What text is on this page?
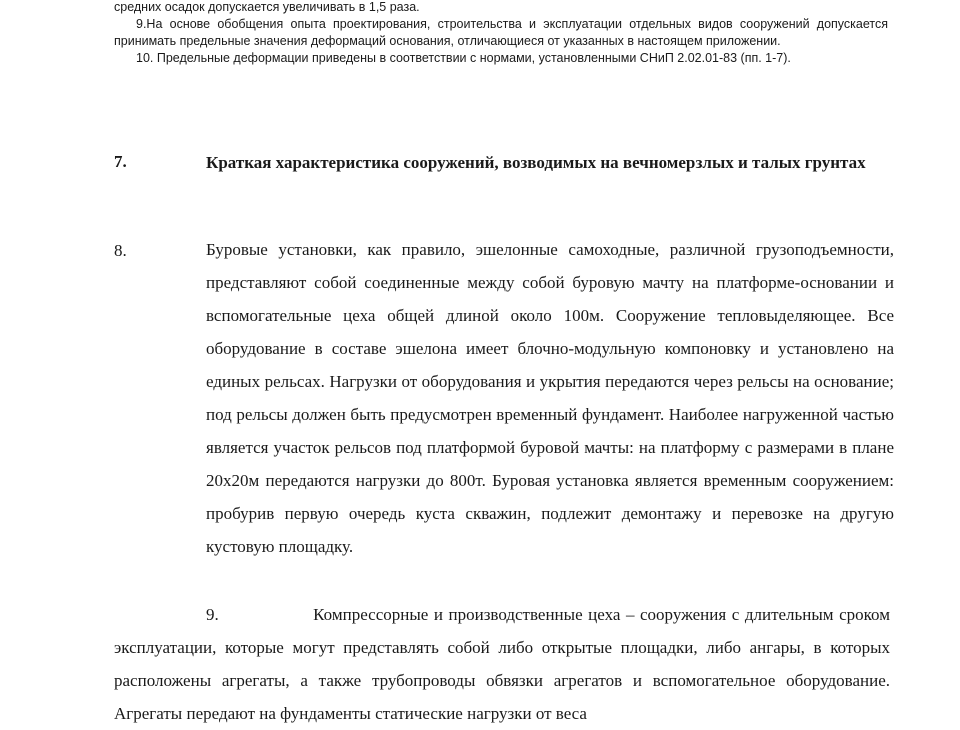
средних осадок допускается увеличивать в 1,5 раза.

9.На основе обобщения опыта проектирования, строительства и эксплуатации отдельных видов сооружений допускается принимать предельные значения деформаций основания, отличающиеся от указанных в настоящем приложении.

10. Предельные деформации приведены в соответствии с нормами, установленными СНиП 2.02.01-83 (пп. 1-7).

7.	Краткая характеристика сооружений, возводимых на вечномерзлых и талых грунтах
8.	Буровые установки, как правило, эшелонные самоходные, различной грузоподъемности, представляют собой соединенные между собой буровую мачту на платформе-основании и вспомогательные цеха общей длиной около 100м. Сооружение тепловыделяющее. Все оборудование в составе эшелона имеет блочно-модульную компоновку и установлено на единых рельсах. Нагрузки от оборудования и укрытия передаются через рельсы на основание; под рельсы должен быть предусмотрен временный фундамент. Наиболее нагруженной частью является участок рельсов под платформой буровой мачты: на платформу с размерами в плане 20х20м передаются нагрузки до 800т. Буровая установка является временным сооружением: пробурив первую очередь куста скважин, подлежит демонтажу и перевозке на другую кустовую площадку.
9.                 Компрессорные и производственные цеха – сооружения с длительным сроком эксплуатации, которые могут представлять собой либо открытые площадки, либо ангары, в которых расположены агрегаты, а также трубопроводы обвязки агрегатов и вспомогательное оборудование. Агрегаты передают на фундаменты статические нагрузки от веса
